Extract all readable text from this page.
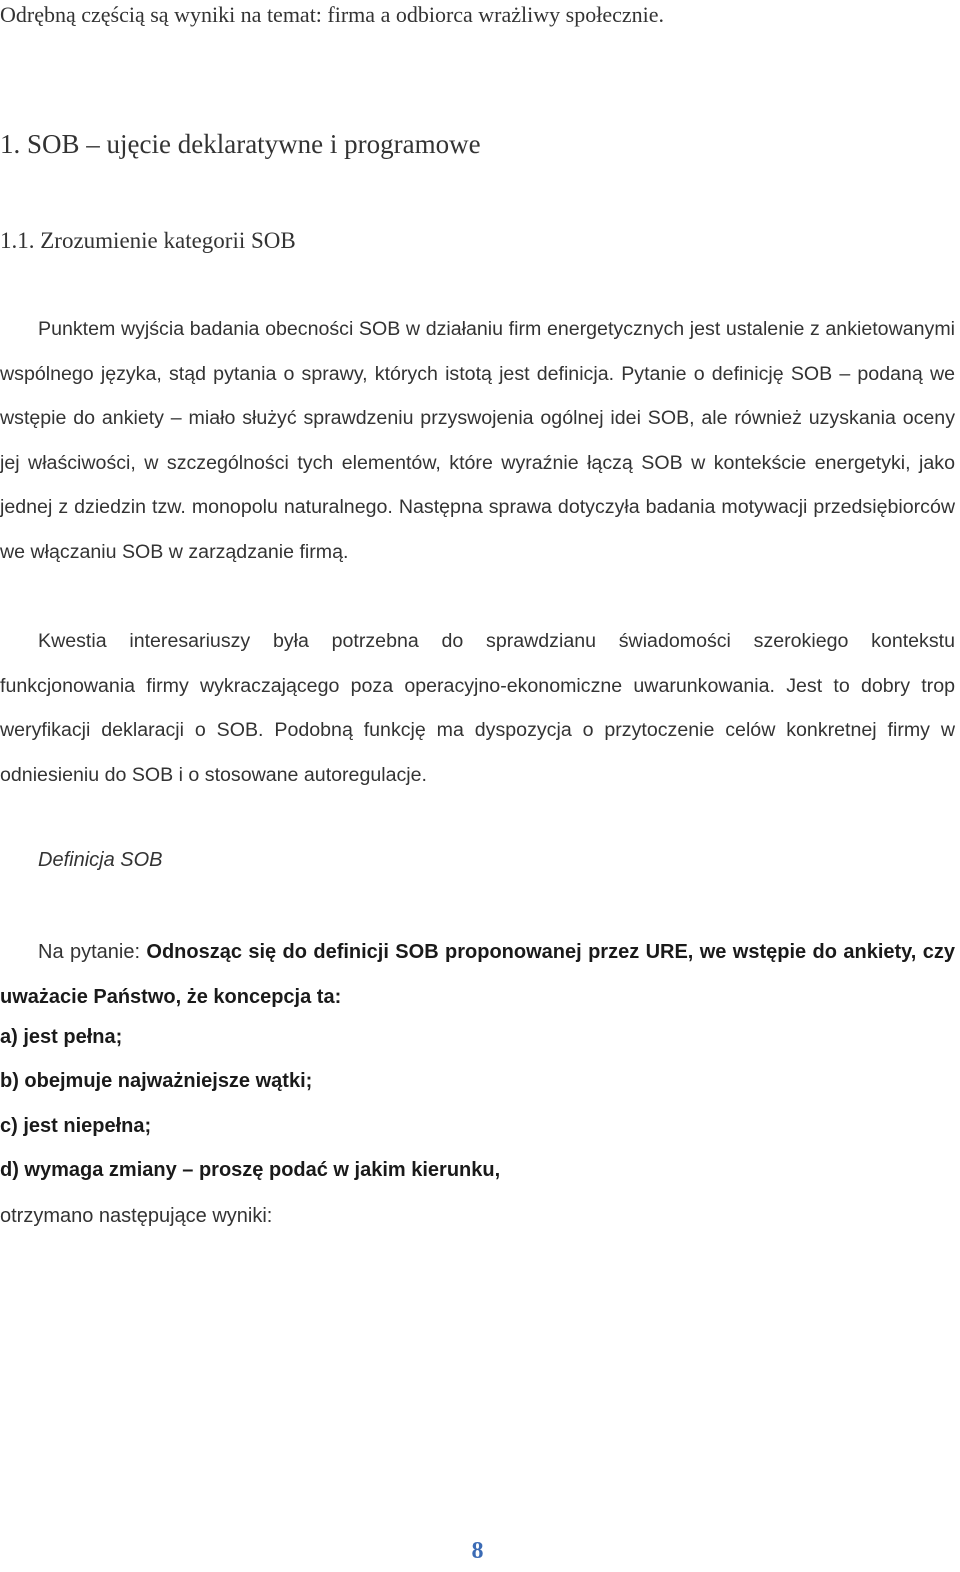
Odrębną częścią są wyniki na temat: firma a odbiorca wrażliwy społecznie.
1. SOB – ujęcie deklaratywne i programowe
1.1. Zrozumienie kategorii SOB

Punktem wyjścia badania obecności SOB w działaniu firm energetycznych jest ustalenie z ankietowanymi wspólnego języka, stąd pytania o sprawy, których istotą jest definicja. Pytanie o definicję SOB – podaną we wstępie do ankiety – miało służyć sprawdzeniu przyswojenia ogólnej idei SOB, ale również uzyskania oceny jej właściwości, w szczególności tych elementów, które wyraźnie łączą SOB w kontekście energetyki, jako jednej z dziedzin tzw. monopolu naturalnego. Następna sprawa dotyczyła badania motywacji przedsiębiorców we włączaniu SOB w zarządzanie firmą.

Kwestia interesariuszy była potrzebna do sprawdzianu świadomości szerokiego kontekstu funkcjonowania firmy wykraczającego poza operacyjno-ekonomiczne uwarunkowania. Jest to dobry trop weryfikacji deklaracji o SOB. Podobną funkcję ma dyspozycja o przytoczenie celów konkretnej firmy w odniesieniu do SOB i o stosowane autoregulacje.

Definicja SOB

Na pytanie: Odnosząc się do definicji SOB proponowanej przez URE, we wstępie do ankiety, czy uważacie Państwo, że koncepcja ta:

a) jest pełna;
b) obejmuje najważniejsze wątki;
c) jest niepełna;
d) wymaga zmiany – proszę podać w jakim kierunku,
otrzymano następujące wyniki:
8
